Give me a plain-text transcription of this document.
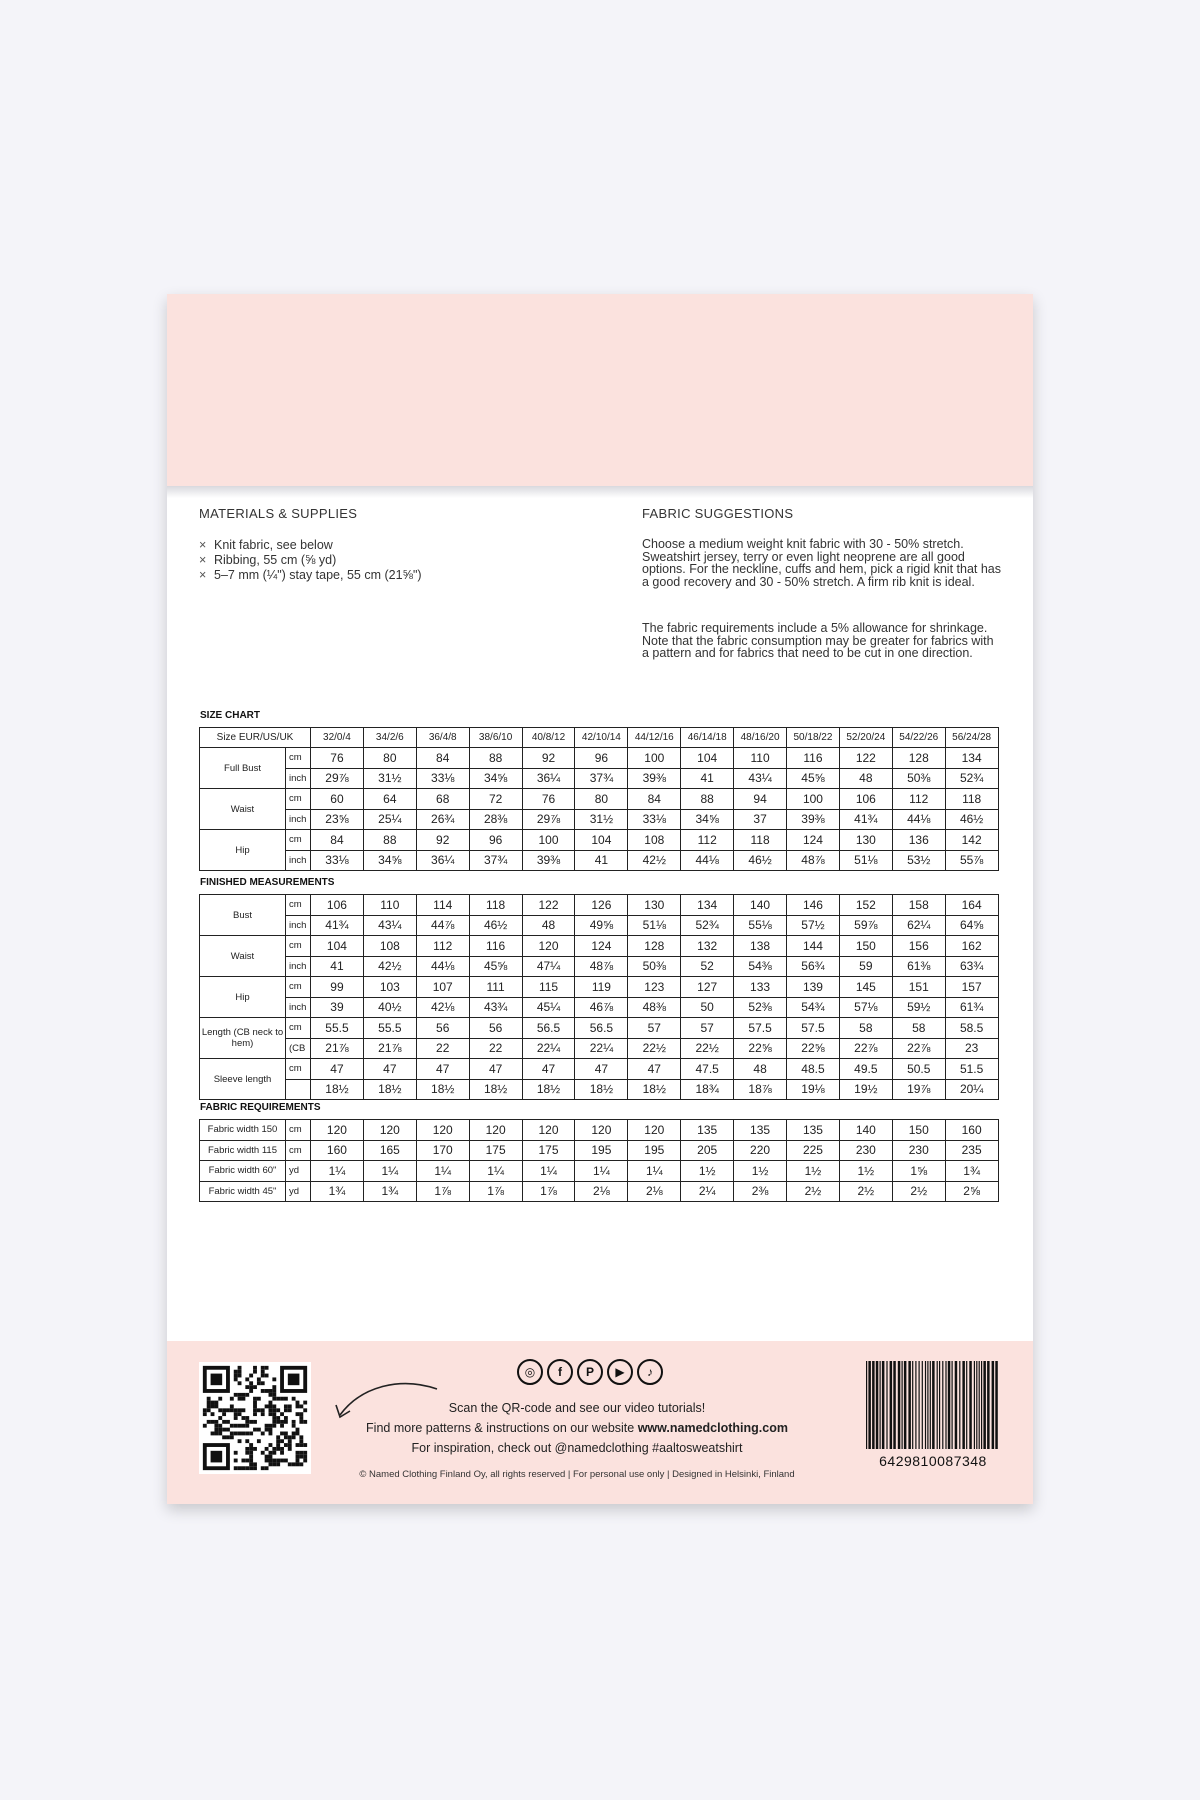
MATERIALS & SUPPLIES
× Knit fabric, see below
× Ribbing, 55 cm (⅝ yd)
× 5–7 mm (¼") stay tape, 55 cm (21⅝")
FABRIC SUGGESTIONS

Choose a medium weight knit fabric with 30 - 50% stretch. Sweatshirt jersey, terry or even light neoprene are all good options. For the neckline, cuffs and hem, pick a rigid knit that has a good recovery and 30 - 50% stretch. A firm rib knit is ideal.

The fabric requirements include a 5% allowance for shrinkage. Note that the fabric consumption may be greater for fabrics with a pattern and for fabrics that need to be cut in one direction.

SIZE CHART
Size EUR/US/UK		32/0/4	34/2/6	36/4/8	38/6/10	40/8/12	42/10/14	44/12/16	46/14/18	48/16/20	50/18/22	52/20/24	54/22/26	56/24/28
Full Bust	cm	76	80	84	88	92	96	100	104	110	116	122	128	134
	inch	29⅞	31½	33⅛	34⅝	36¼	37¾	39⅜	41	43¼	45⅝	48	50⅜	52¾
Waist	cm	60	64	68	72	76	80	84	88	94	100	106	112	118
	inch	23⅝	25¼	26¾	28⅜	29⅞	31½	33⅛	34⅝	37	39⅜	41¾	44⅛	46½
Hip	cm	84	88	92	96	100	104	108	112	118	124	130	136	142
	inch	33⅛	34⅝	36¼	37¾	39⅜	41	42½	44⅛	46½	48⅞	51⅛	53½	55⅞
FINISHED MEASUREMENTS
Bust	cm	106	110	114	118	122	126	130	134	140	146	152	158	164
	inch	41¾	43¼	44⅞	46½	48	49⅝	51⅛	52¾	55⅛	57½	59⅞	62¼	64⅝
Waist	cm	104	108	112	116	120	124	128	132	138	144	150	156	162
	inch	41	42½	44⅛	45⅝	47¼	48⅞	50⅜	52	54⅜	56¾	59	61⅜	63¾
Hip	cm	99	103	107	111	115	119	123	127	133	139	145	151	157
	inch	39	40½	42⅛	43¾	45¼	46⅞	48⅜	50	52⅜	54¾	57⅛	59½	61¾
Length (CB neck to hem)	cm	55.5	55.5	56	56	56.5	56.5	57	57	57.5	57.5	58	58	58.5
	(CB	21⅞	21⅞	22	22	22¼	22¼	22½	22½	22⅝	22⅝	22⅞	22⅞	23
Sleeve length	cm	47	47	47	47	47	47	47	47.5	48	48.5	49.5	50.5	51.5
		18½	18½	18½	18½	18½	18½	18½	18¾	18⅞	19⅛	19½	19⅞	20¼
FABRIC REQUIREMENTS
Fabric width 150	cm	120	120	120	120	120	120	120	135	135	135	140	150	160
Fabric width 115	cm	160	165	170	175	175	195	195	205	220	225	230	230	235
Fabric width 60"	yd	1¼	1¼	1¼	1¼	1¼	1¼	1¼	1½	1½	1½	1½	1⅝	1¾
Fabric width 45"	yd	1¾	1¾	1⅞	1⅞	1⅞	2⅛	2⅛	2¼	2⅜	2½	2½	2½	2⅝
◎	f	P	▶	♪
Scan the QR-code and see our video tutorials!
Find more patterns & instructions on our website www.namedclothing.com
For inspiration, check out @namedclothing #aaltosweatshirt
© Named Clothing Finland Oy, all rights reserved | For personal use only | Designed in Helsinki, Finland
6429810087348
